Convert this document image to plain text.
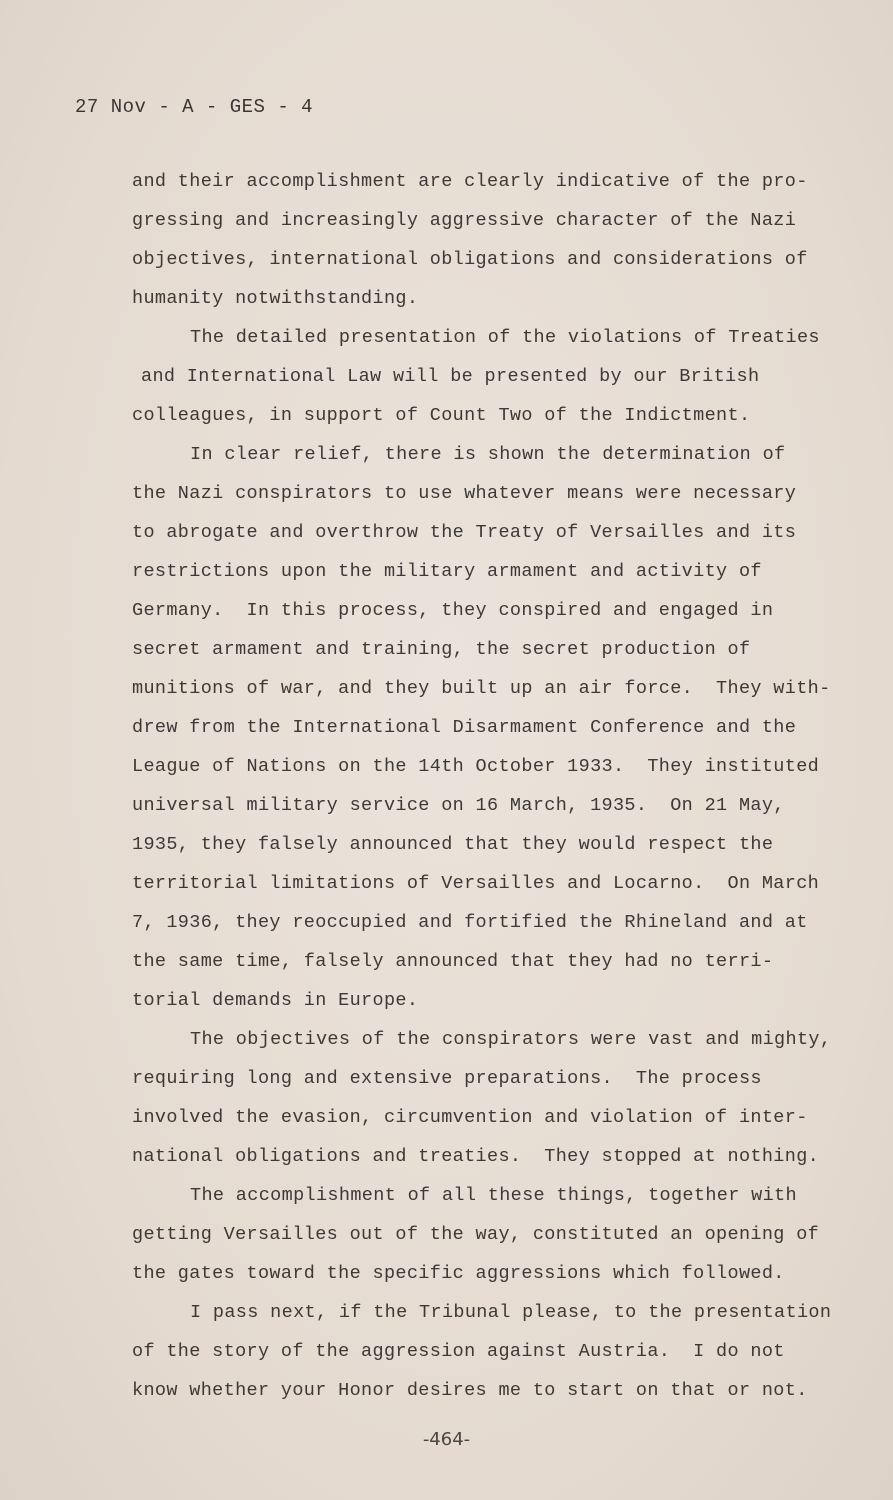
27 Nov - A - GES - 4
and their accomplishment are clearly indicative of the pro-
gressing and increasingly aggressive character of the Nazi
objectives, international obligations and considerations of
humanity notwithstanding.
The detailed presentation of the violations of Treaties
and International Law will be presented by our British
colleagues, in support of Count Two of the Indictment.
In clear relief, there is shown the determination of
the Nazi conspirators to use whatever means were necessary
to abrogate and overthrow the Treaty of Versailles and its
restrictions upon the military armament and activity of
Germany.  In this process, they conspired and engaged in
secret armament and training, the secret production of
munitions of war, and they built up an air force.  They with-
drew from the International Disarmament Conference and the
League of Nations on the 14th October 1933.  They instituted
universal military service on 16 March, 1935.  On 21 May,
1935, they falsely announced that they would respect the
territorial limitations of Versailles and Locarno.  On March
7, 1936, they reoccupied and fortified the Rhineland and at
the same time, falsely announced that they had no terri-
torial demands in Europe.
The objectives of the conspirators were vast and mighty,
requiring long and extensive preparations.  The process
involved the evasion, circumvention and violation of inter-
national obligations and treaties.  They stopped at nothing.
The accomplishment of all these things, together with
getting Versailles out of the way, constituted an opening of
the gates toward the specific aggressions which followed.
I pass next, if the Tribunal please, to the presentation
of the story of the aggression against Austria.  I do not
know whether your Honor desires me to start on that or not.
-464-
